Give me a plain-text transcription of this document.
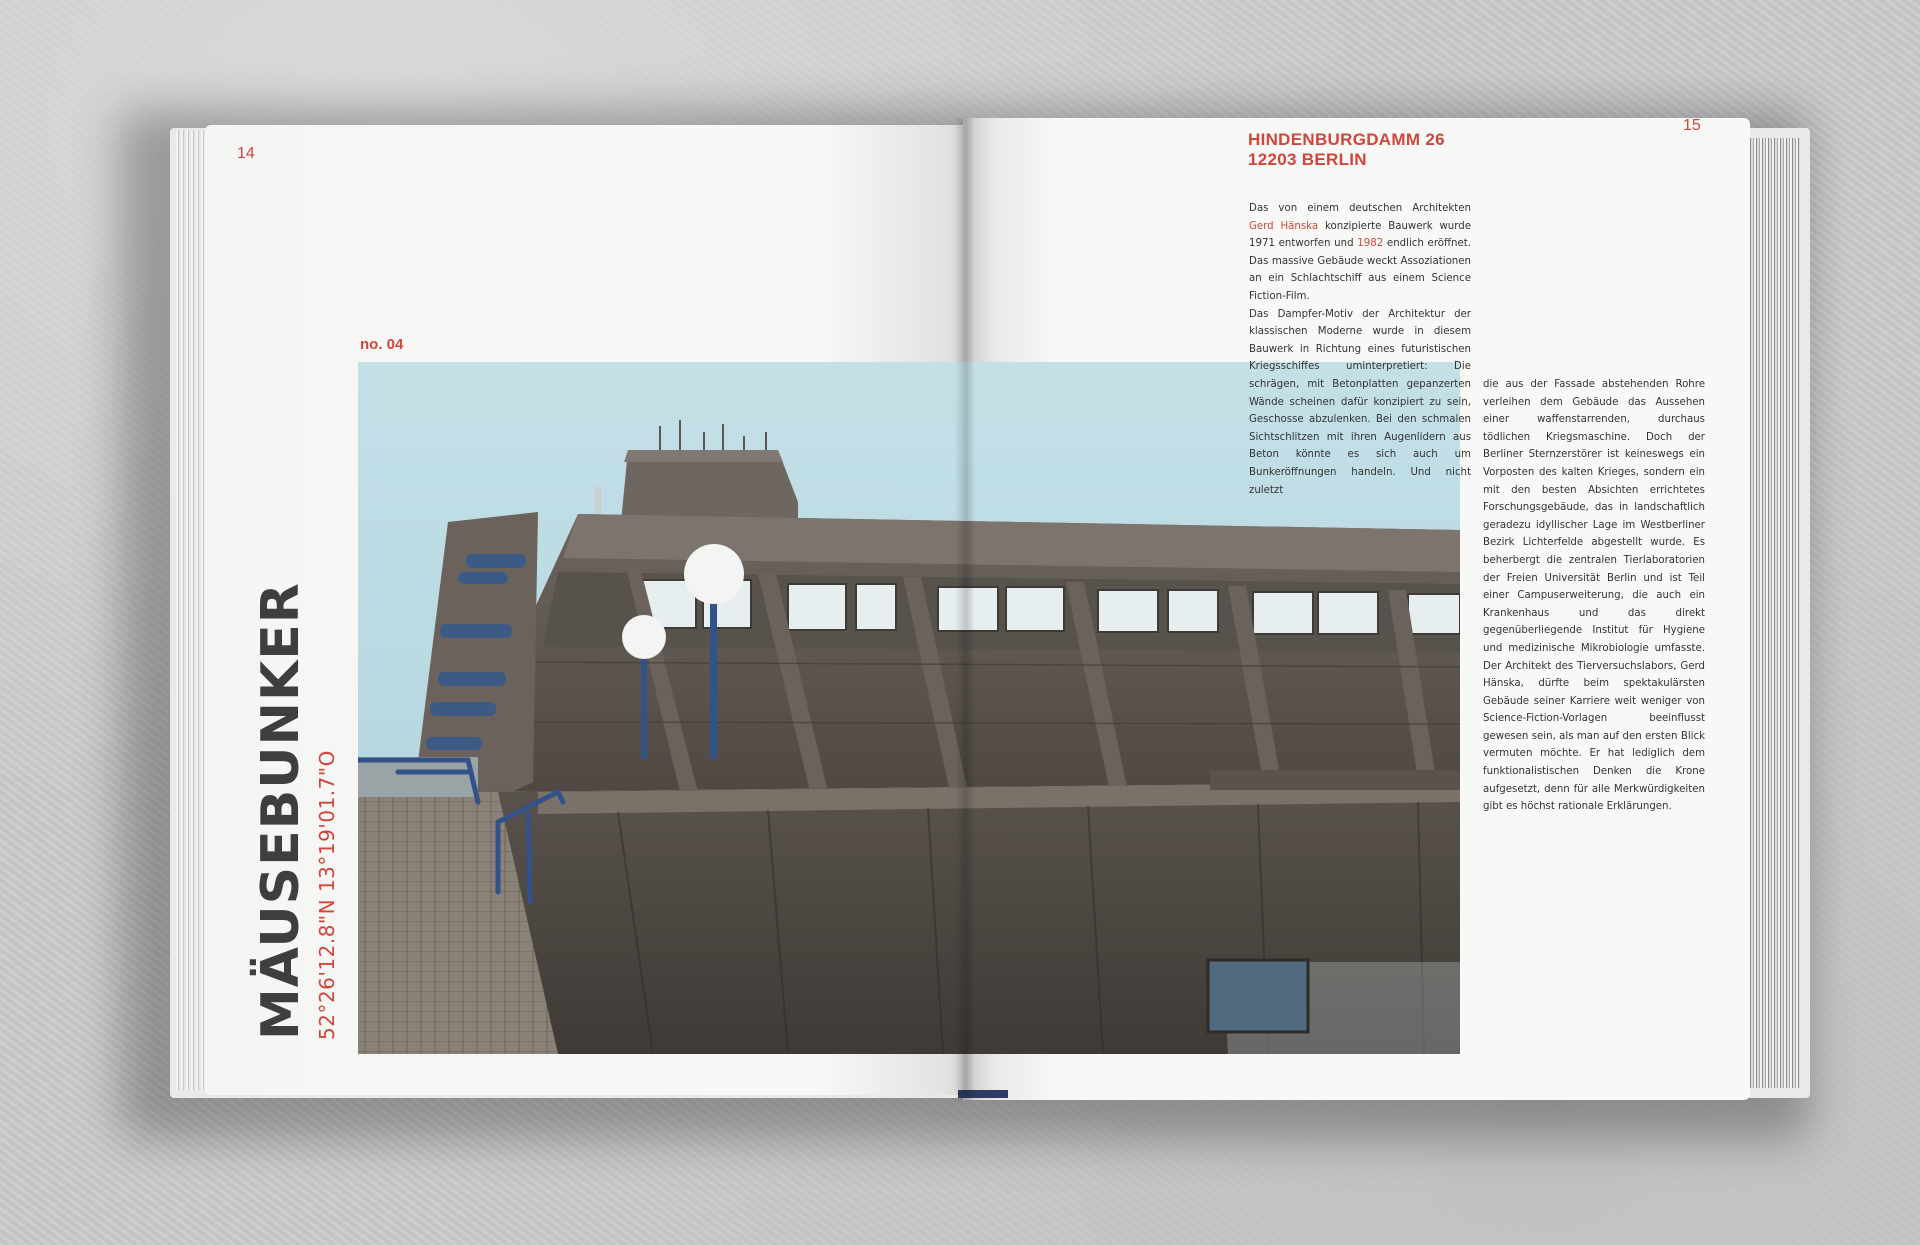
14
15
no. 04
HINDENBURGDAMM 26
12203 BERLIN
MÄUSEBUNKER 52°26'12.8"N 13°19'01.7"O

Das von einem deutschen Architekten Gerd Hänska konzipierte Bauwerk wurde 1971 entworfen und 1982 endlich eröffnet. Das massive Gebäude weckt Assoziationen an ein Schlachtschiff aus einem Science Fiction-Film.

Das Dampfer-Motiv der Architektur der klassischen Moderne wurde in diesem Bauwerk in Richtung eines futuristischen Kriegsschiffes uminterpretiert: Die schrägen, mit Betonplatten gepanzerten Wände scheinen dafür konzipiert zu sein, Geschosse abzulenken. Bei den schmalen Sichtschlitzen mit ihren Augenlidern aus Beton könnte es sich auch um Bunkeröffnungen handeln. Und nicht zuletzt

die aus der Fassade abstehenden Rohre verleihen dem Gebäude das Aussehen einer waffenstarrenden, durchaus tödlichen Kriegsmaschine. Doch der Berliner Sternzerstörer ist keineswegs ein Vorposten des kalten Krieges, sondern ein mit den besten Absichten errichtetes Forschungsgebäude, das in landschaftlich geradezu idyllischer Lage im Westberliner Bezirk Lichterfelde abgestellt wurde. Es beherbergt die zentralen Tierlaboratorien der Freien Universität Berlin und ist Teil einer Campuserweiterung, die auch ein Krankenhaus und das direkt gegenüberliegende Institut für Hygiene und medizinische Mikrobiologie umfasste. Der Architekt des Tierversuchslabors, Gerd Hänska, dürfte beim spektakulärsten Gebäude seiner Karriere weit weniger von Science-Fiction-Vorlagen beeinflusst gewesen sein, als man auf den ersten Blick vermuten möchte. Er hat lediglich dem funktionalistischen Denken die Krone aufgesetzt, denn für alle Merkwürdigkeiten gibt es höchst rationale Erklärungen.
